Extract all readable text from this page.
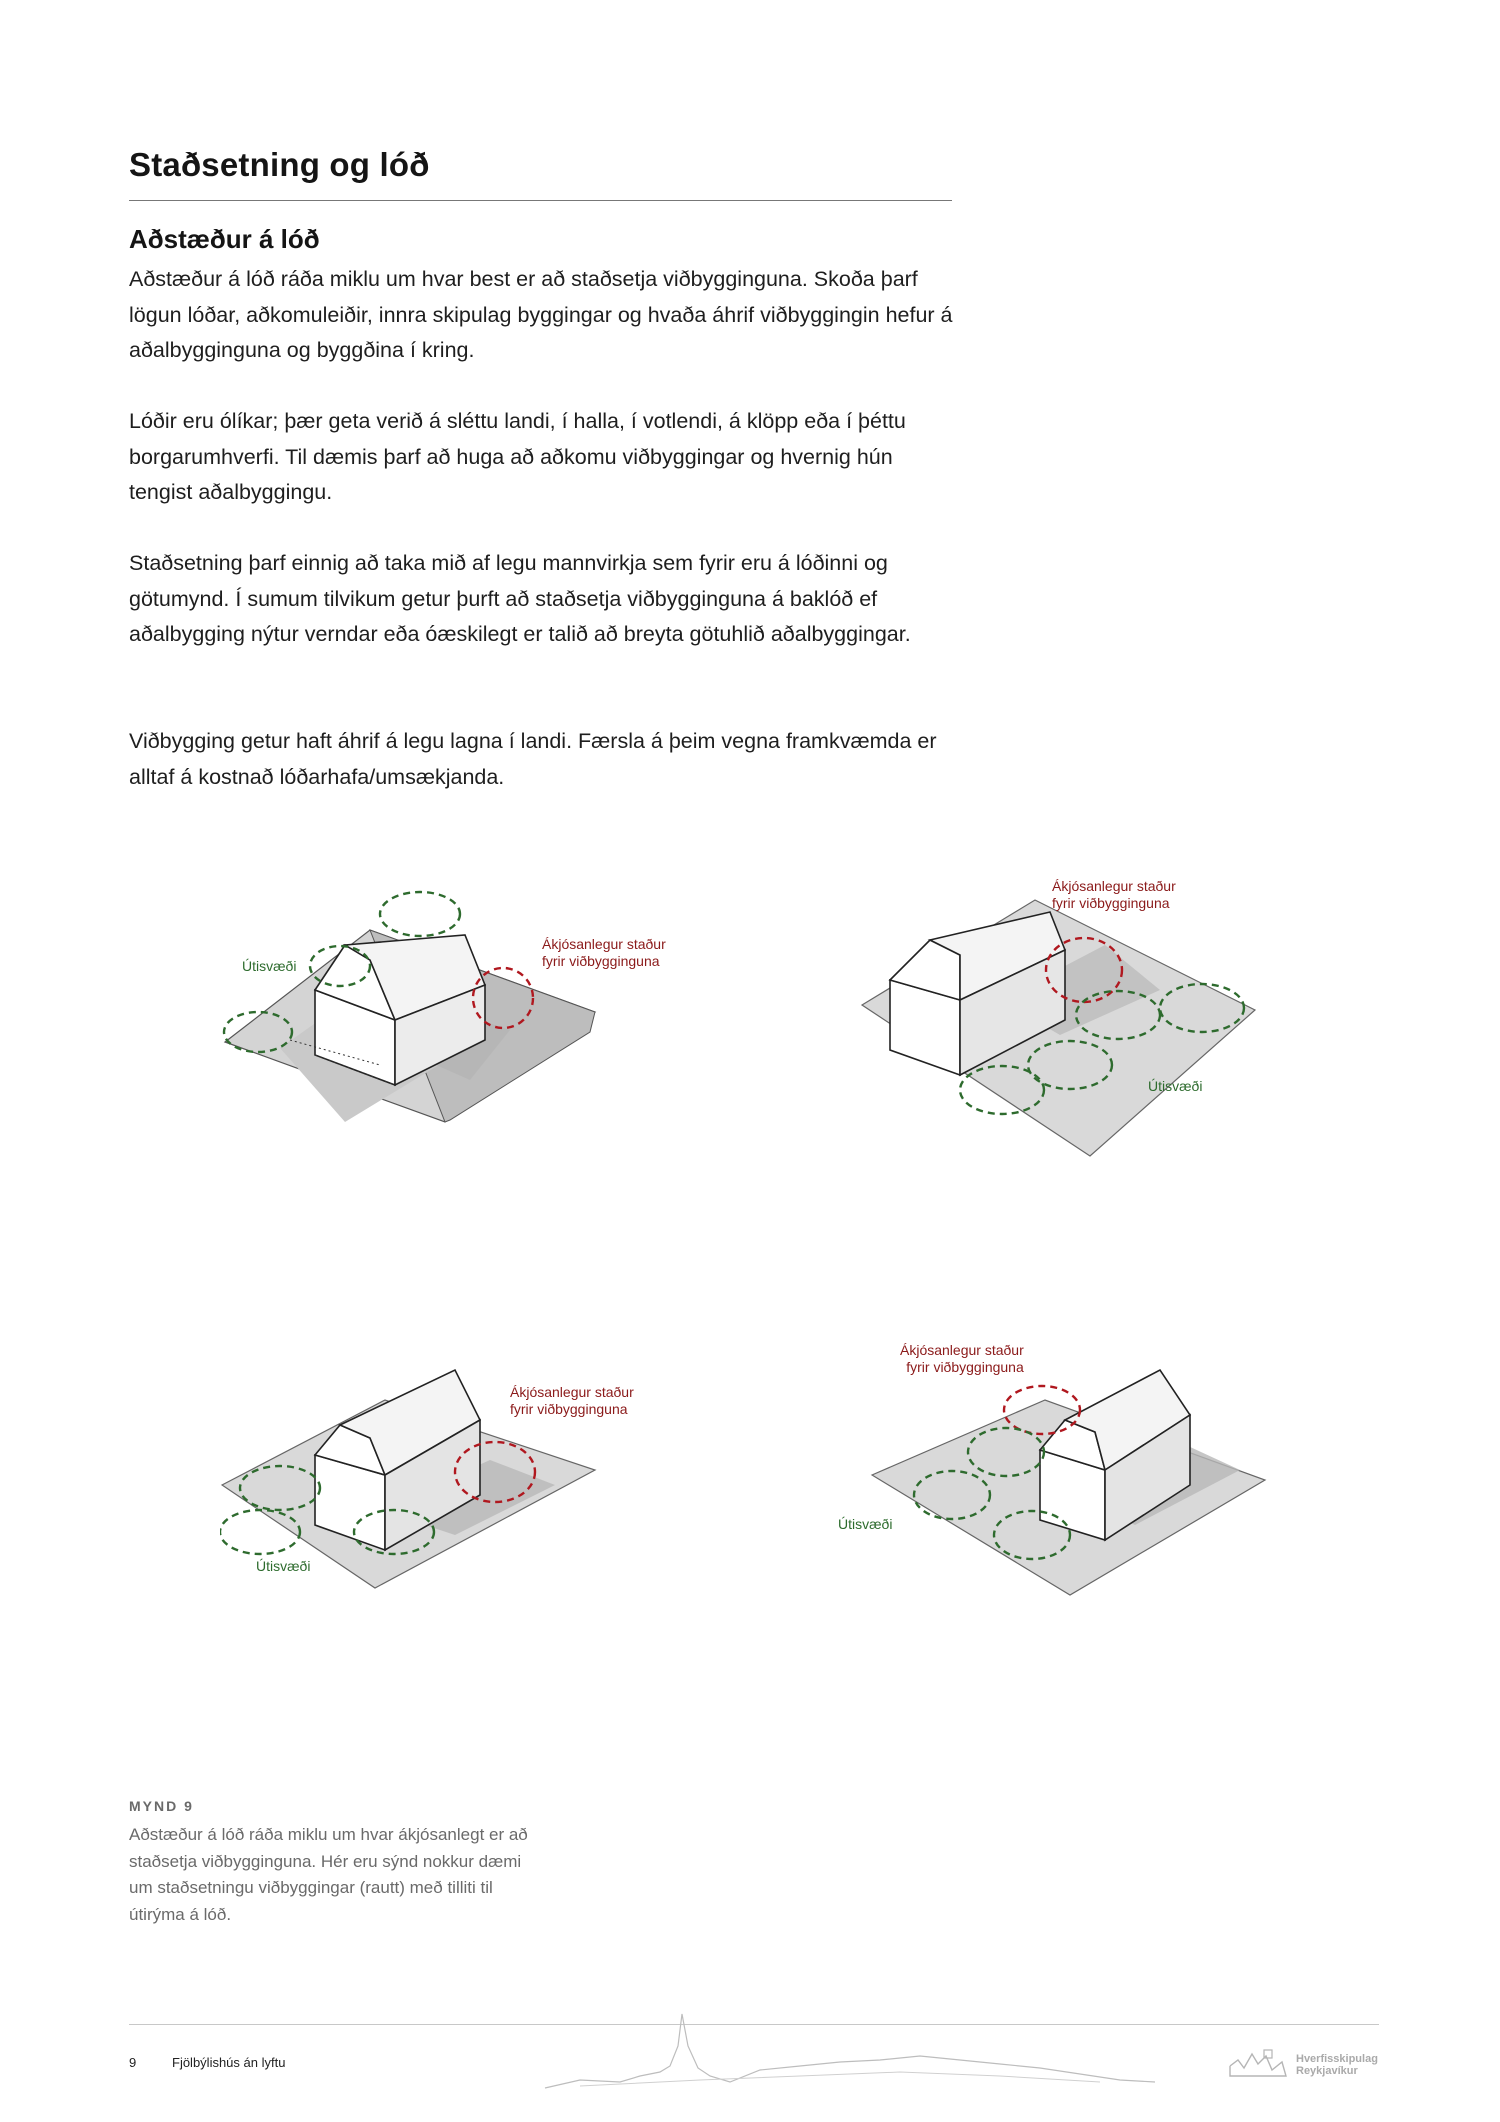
Staðsetning og lóð
Aðstæður á lóð

Aðstæður á lóð ráða miklu um hvar best er að staðsetja viðbygginguna. Skoða þarf lögun lóðar, aðkomuleiðir, innra skipulag byggingar og hvaða áhrif viðbyggingin hefur á aðalbygginguna og byggðina í kring.

Lóðir eru ólíkar; þær geta verið á sléttu landi, í halla, í votlendi, á klöpp eða í þéttu borgarumhverfi. Til dæmis þarf að huga að aðkomu viðbyggingar og hvernig hún tengist aðalbyggingu.

Staðsetning þarf einnig að taka mið af legu mannvirkja sem fyrir eru á lóðinni og götumynd. Í sumum tilvikum getur þurft að staðsetja viðbygginguna á baklóð ef aðalbygging nýtur verndar eða óæskilegt er talið að breyta götuhlið aðalbyggingar.

Viðbygging getur haft áhrif á legu lagna í landi. Færsla á þeim vegna framkvæmda er alltaf á kostnað lóðarhafa/umsækjanda.

Ákjósanlegur staður
fyrir viðbygginguna
Útisvæði
Ákjósanlegur staður
fyrir viðbygginguna
Útisvæði
Ákjósanlegur staður
fyrir viðbygginguna
Útisvæði
Ákjósanlegur staður
fyrir viðbygginguna
Útisvæði

MYND 9

Aðstæður á lóð ráða miklu um hvar ákjósanlegt er að staðsetja viðbygginguna. Hér eru sýnd nokkur dæmi um staðsetningu viðbyggingar (rautt) með tilliti til útirýma á lóð.

9	Fjölbýlishús án lyftu	Hverfisskipulag
Reykjavíkur
